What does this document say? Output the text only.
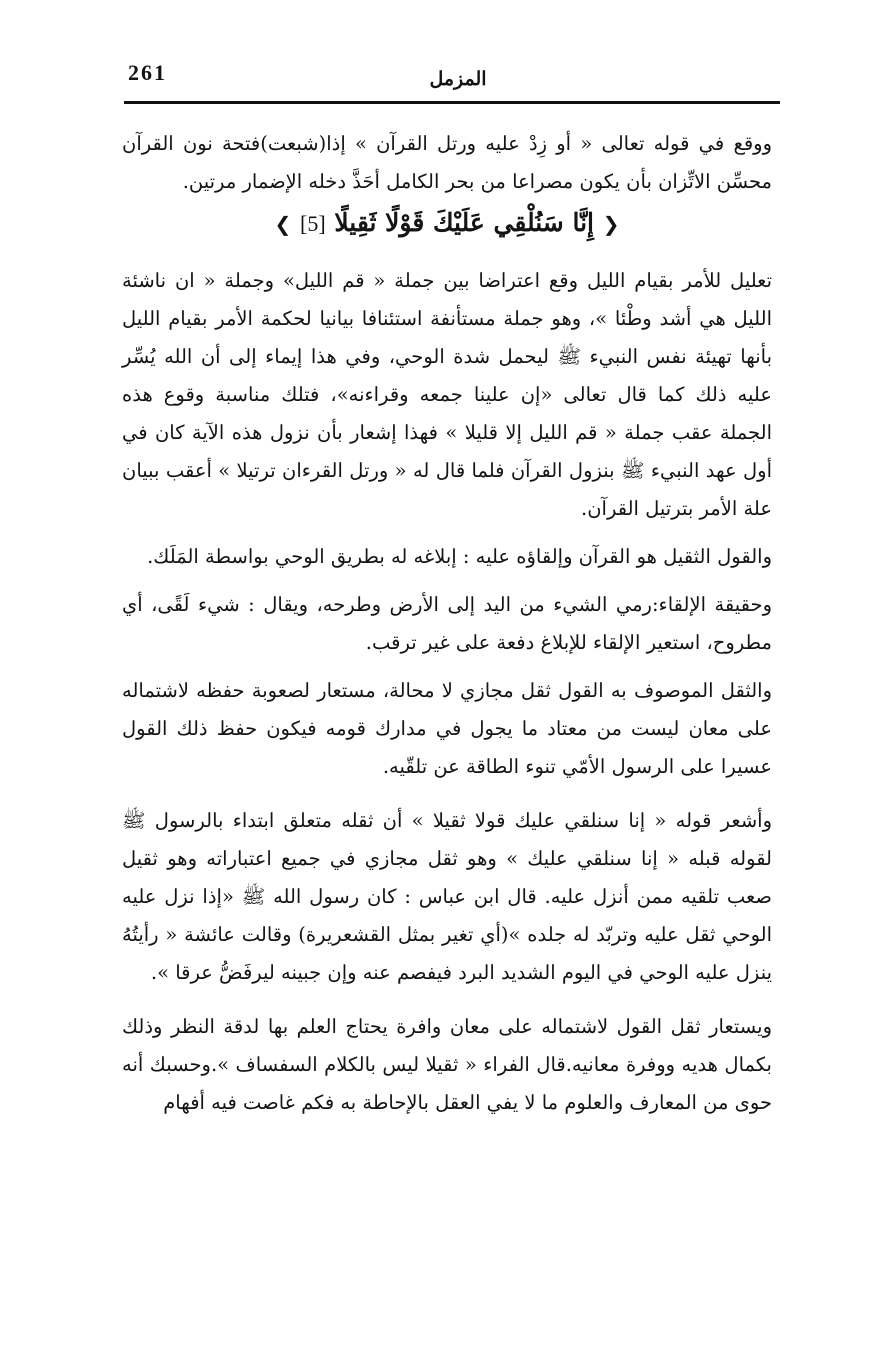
261	المزمل

ووقع في قوله تعالى « أو زِدْ عليه ورتل القرآن » إذا(شبعت)فتحة نون القرآن محسِّن الاتِّزان بأن يكون مصراعا من بحر الكامل أحَذَّ دخله الإضمار مرتين.

❮ إِنَّا سَنُلْقِي عَلَيْكَ قَوْلًا ثَقِيلًا [5] ❯

تعليل للأمر بقيام الليل وقع اعتراضا بين جملة « قم الليل» وجملة « ان ناشئة الليل هي أشد وطْئا »، وهو جملة مستأنفة استئنافا بيانيا لحكمة الأمر بقيام الليل بأنها تهيئة نفس النبيء ﷺ ليحمل شدة الوحي، وفي هذا إيماء إلى أن الله يُسِّر عليه ذلك كما قال تعالى «إن علينا جمعه وقراءنه»، فتلك مناسبة وقوع هذه الجملة عقب جملة « قم الليل إلا قليلا » فهذا إشعار بأن نزول هذه الآية كان في أول عهد النبيء ﷺ بنزول القرآن فلما قال له « ورتل القرءان ترتيلا » أعقب ببيان علة الأمر بترتيل القرآن.

والقول الثقيل هو القرآن وإلقاؤه عليه : إبلاغه له بطريق الوحي بواسطة المَلَك.

وحقيقة الإلقاء:رمي الشيء من اليد إلى الأرض وطرحه، ويقال : شيء لَقًى، أي مطروح، استعير الإلقاء للإبلاغ دفعة على غير ترقب.

والثقل الموصوف به القول ثقل مجازي لا محالة، مستعار لصعوبة حفظه لاشتماله على معان ليست من معتاد ما يجول في مدارك قومه فيكون حفظ ذلك القول عسيرا على الرسول الأمّي تنوء الطاقة عن تلقّيه.

وأشعر قوله « إنا سنلقي عليك قولا ثقيلا » أن ثقله متعلق ابتداء بالرسول ﷺ لقوله قبله « إنا سنلقي عليك » وهو ثقل مجازي في جميع اعتباراته وهو ثقيل صعب تلقيه ممن أنزل عليه. قال ابن عباس : كان رسول الله ﷺ «إذا نزل عليه الوحي ثقل عليه وتربّد له جلده »(أي تغير بمثل القشعريرة) وقالت عائشة « رأيتُهُ ينزل عليه الوحي في اليوم الشديد البرد فيفصم عنه وإن جبينه ليرفَضُّ عرقا ».

ويستعار ثقل القول لاشتماله على معان وافرة يحتاج العلم بها لدقة النظر وذلك بكمال هديه ووفرة معانيه.قال الفراء « ثقيلا ليس بالكلام السفساف ».وحسبك أنه حوى من المعارف والعلوم ما لا يفي العقل بالإحاطة به فكم غاصت فيه أفهام
